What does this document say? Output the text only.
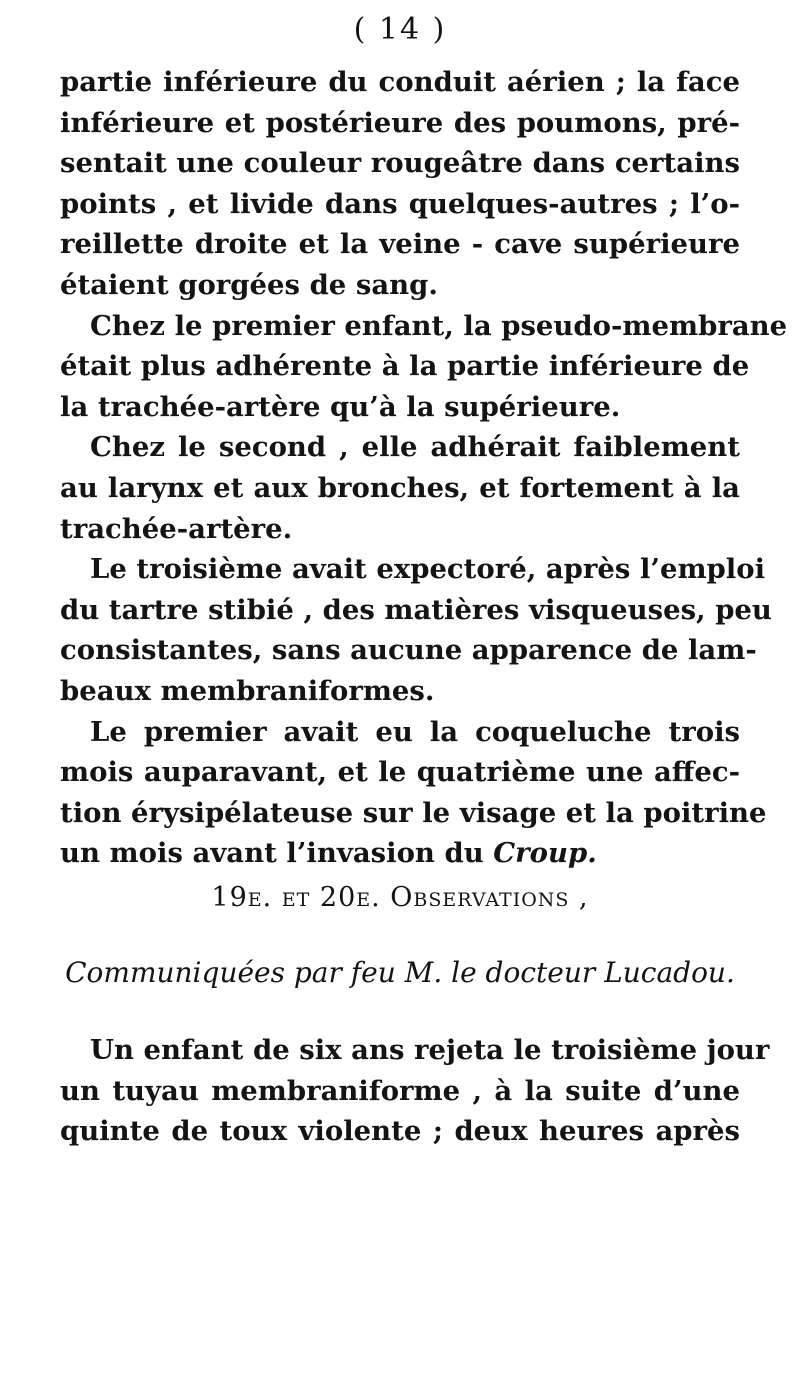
( 14 )
partie inférieure du conduit aérien ; la face
inférieure et postérieure des poumons, pré-
sentait une couleur rougeâtre dans certains
points , et livide dans quelques-autres ; l’o-
reillette droite et la veine - cave supérieure
étaient gorgées de sang.
Chez le premier enfant, la pseudo-membrane
était plus adhérente à la partie inférieure de
la trachée-artère qu’à la supérieure.
Chez le second , elle adhérait faiblement
au larynx et aux bronches, et fortement à la
trachée-artère.
Le troisième avait expectoré, après l’emploi
du tartre stibié , des matières visqueuses, peu
consistantes, sans aucune apparence de lam-
beaux membraniformes.
Le premier avait eu la coqueluche trois
mois auparavant, et le quatrième une affec-
tion érysipélateuse sur le visage et la poitrine
un mois avant l’invasion du Croup.
19e. et 20e. Observations ,
Communiquées par feu M. le docteur Lucadou.
Un enfant de six ans rejeta le troisième jour
un tuyau membraniforme , à la suite d’une
quinte de toux violente ; deux heures après
